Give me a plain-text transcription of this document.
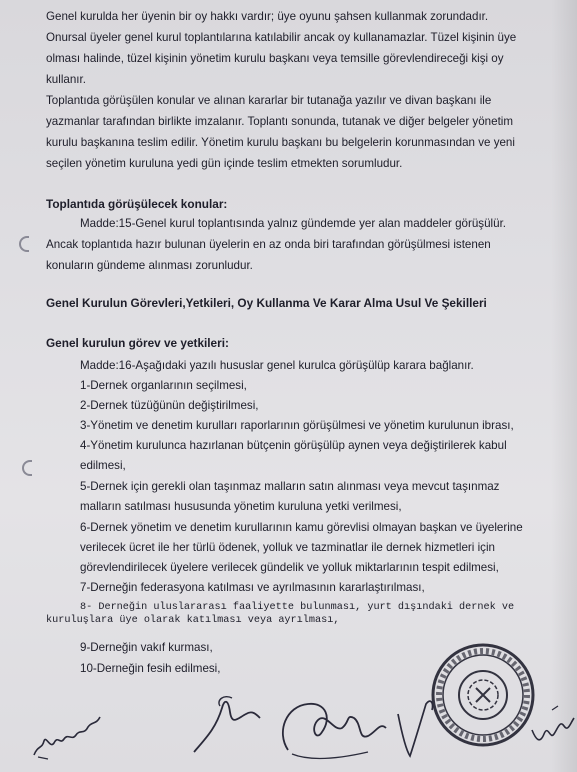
Genel kurulda her üyenin bir oy hakkı vardır; üye oyunu şahsen kullanmak zorundadır.
Onursal üyeler genel kurul toplantılarına katılabilir ancak oy kullanamazlar. Tüzel kişinin üye
olması halinde, tüzel kişinin yönetim kurulu başkanı veya temsille görevlendireceği kişi oy
kullanır.
Toplantıda görüşülen konular ve alınan kararlar bir tutanağa yazılır ve divan başkanı ile
yazmanlar tarafından birlikte imzalanır. Toplantı sonunda, tutanak ve diğer belgeler yönetim
kurulu başkanına teslim edilir. Yönetim kurulu başkanı bu belgelerin korunmasından ve yeni
seçilen yönetim kuruluna yedi gün içinde teslim etmekten sorumludur.
Toplantıda görüşülecek konular:
Madde:15-Genel kurul toplantısında yalnız gündemde yer alan maddeler görüşülür.
Ancak toplantıda hazır bulunan üyelerin en az onda biri tarafından görüşülmesi istenen
konuların gündeme alınması zorunludur.
Genel Kurulun Görevleri,Yetkileri, Oy Kullanma Ve Karar Alma Usul Ve Şekilleri
Genel kurulun görev ve yetkileri:
Madde:16-Aşağıdaki yazılı hususlar genel kurulca görüşülüp karara bağlanır.
1-Dernek organlarının seçilmesi,
2-Dernek tüzüğünün değiştirilmesi,
3-Yönetim ve denetim kurulları raporlarının görüşülmesi ve yönetim kurulunun ibrası,
4-Yönetim kurulunca hazırlanan bütçenin görüşülüp aynen veya değiştirilerek kabul
edilmesi,
5-Dernek için gerekli olan taşınmaz malların satın alınması veya mevcut taşınmaz
malların satılması hususunda yönetim kuruluna yetki verilmesi,
6-Dernek yönetim ve denetim kurullarının kamu görevlisi olmayan başkan ve üyelerine
verilecek ücret ile her türlü ödenek, yolluk ve tazminatlar ile dernek hizmetleri için
görevlendirilecek üyelere verilecek gündelik ve yolluk miktarlarının tespit edilmesi,
7-Derneğin federasyona katılması ve ayrılmasının kararlaştırılması,
8- Derneğin uluslararası faaliyette bulunması, yurt dışındaki dernek ve
kuruluşlara üye olarak katılması veya ayrılması,
9-Derneğin vakıf kurması,
10-Derneğin fesih edilmesi,
